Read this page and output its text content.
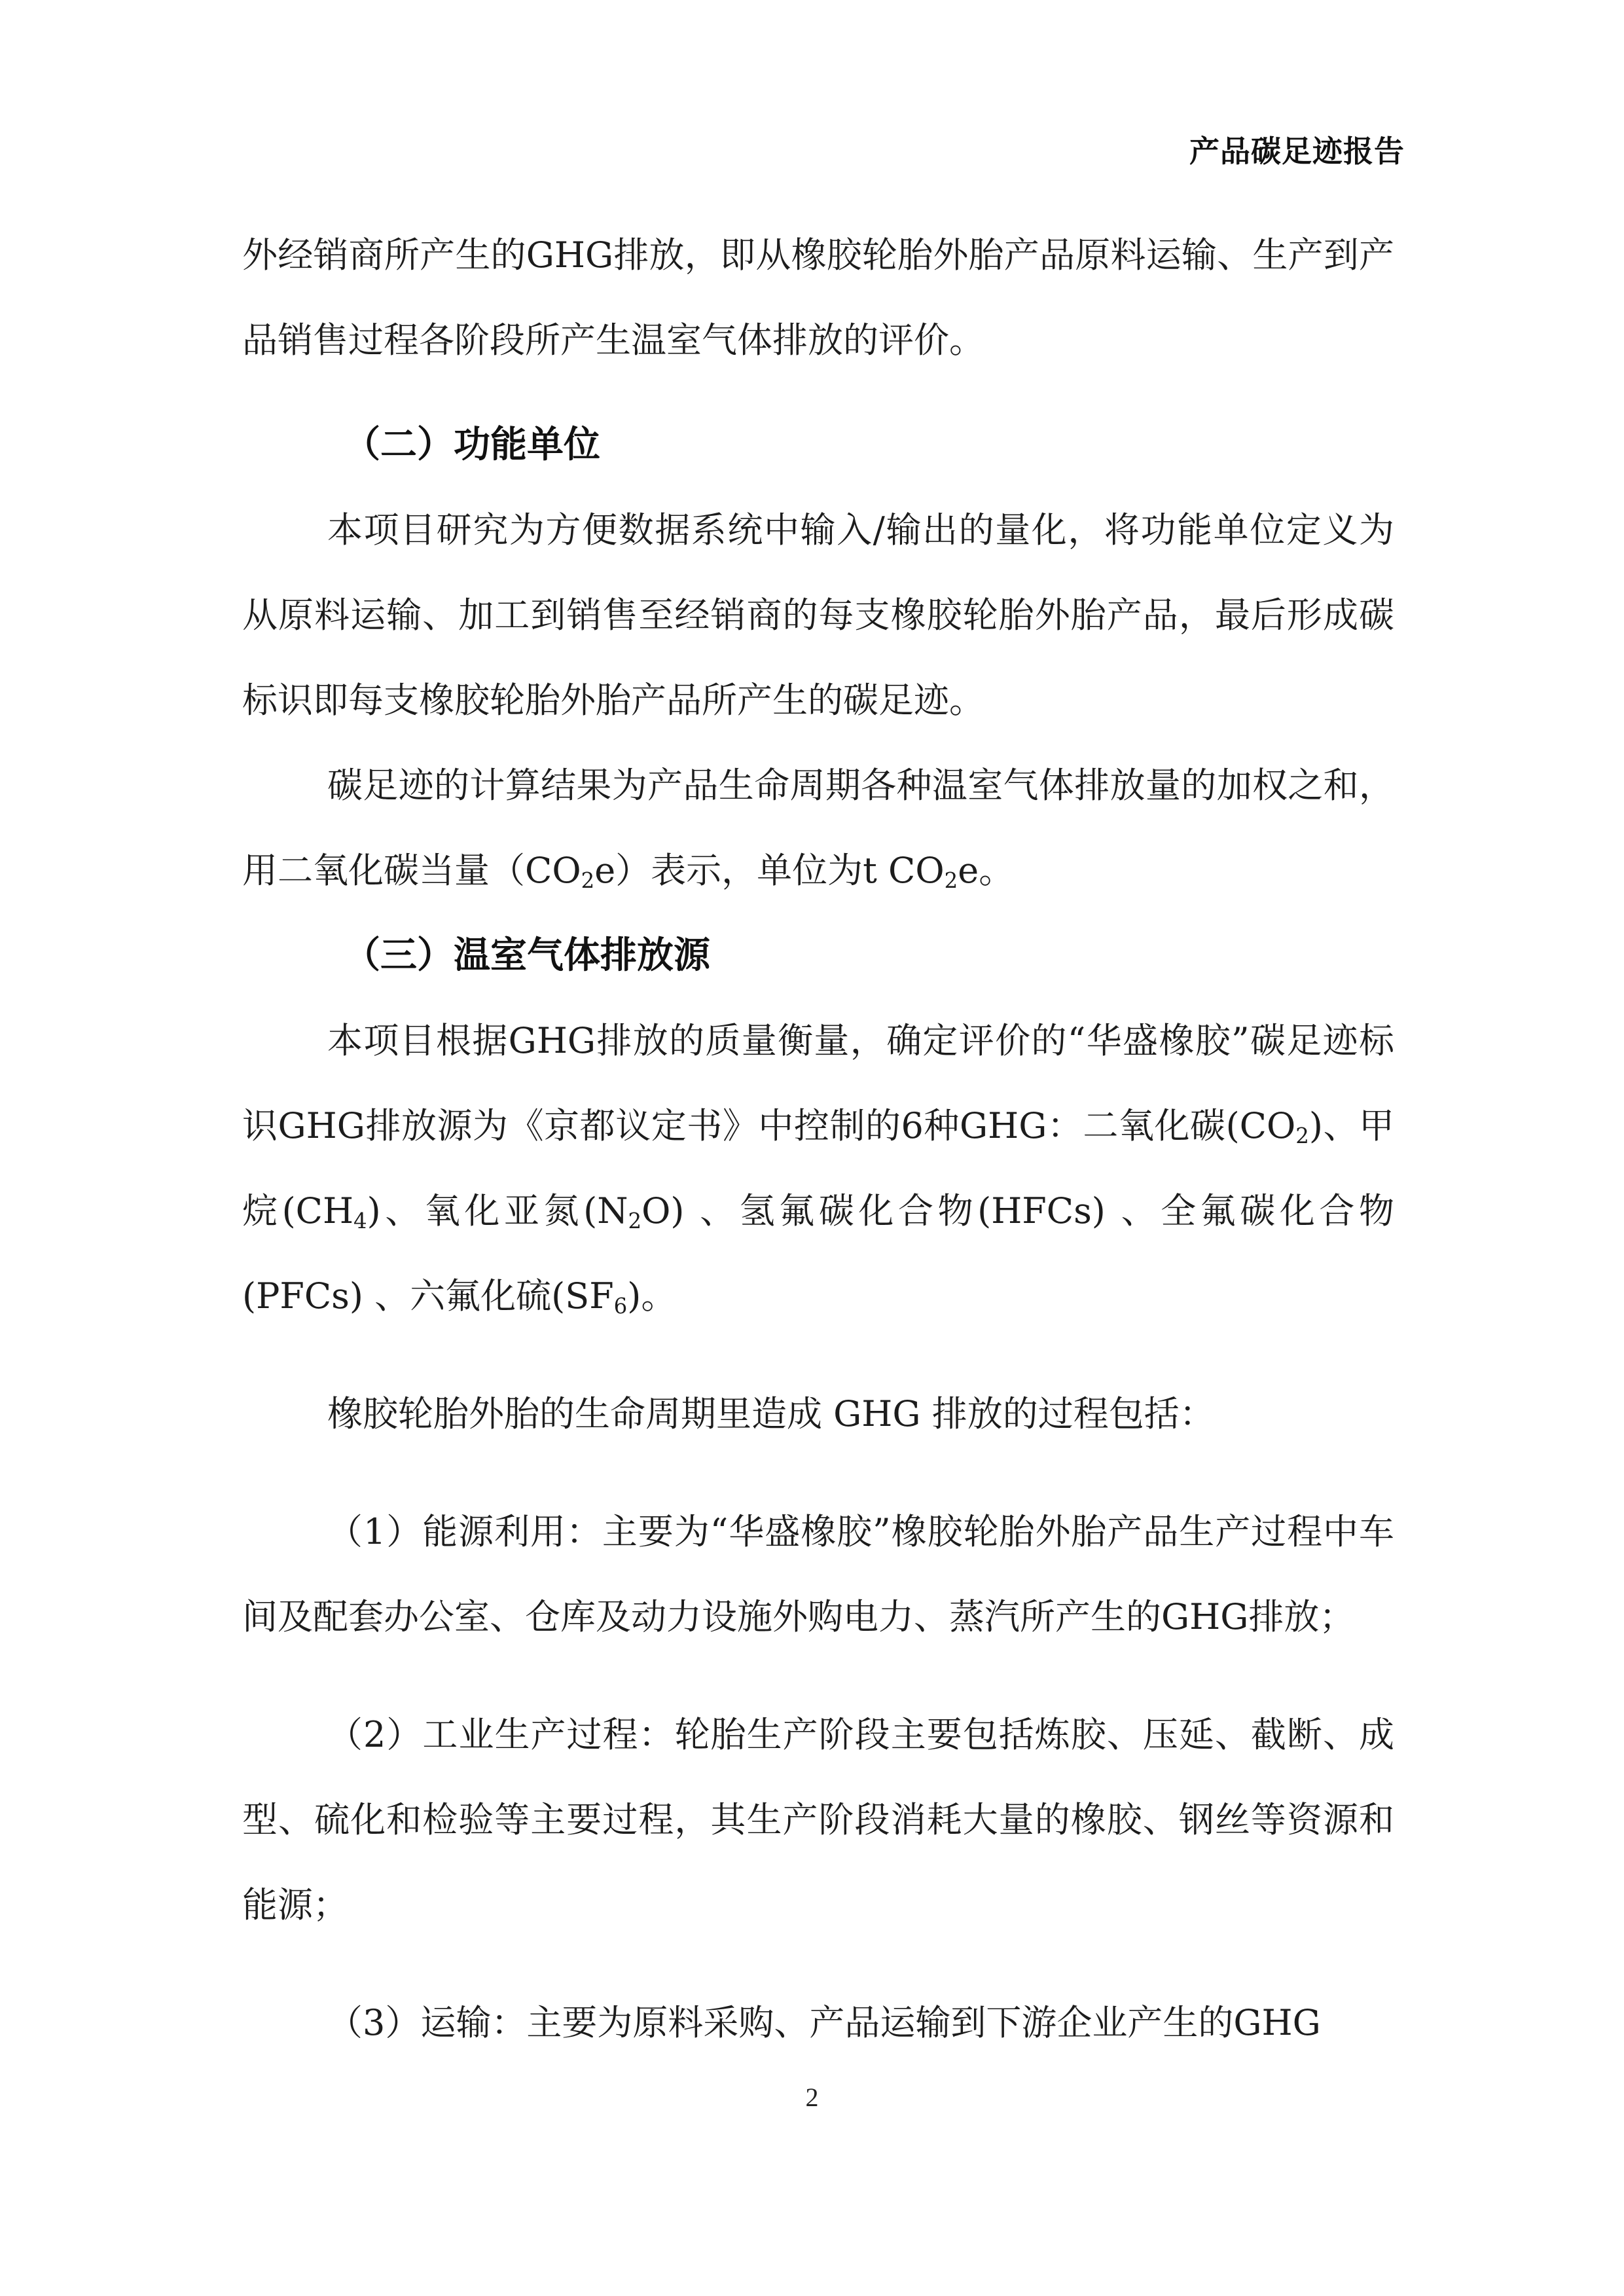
产品碳足迹报告

外经销商所产生的GHG排放，即从橡胶轮胎外胎产品原料运输、生产到产品销售过程各阶段所产生温室气体排放的评价。

（二）功能单位

本项目研究为方便数据系统中输入/输出的量化，将功能单位定义为从原料运输、加工到销售至经销商的每支橡胶轮胎外胎产品，最后形成碳标识即每支橡胶轮胎外胎产品所产生的碳足迹。

碳足迹的计算结果为产品生命周期各种温室气体排放量的加权之和，用二氧化碳当量$(CO_2e)$表示，单位为t $CO_2e$。

（三）温室气体排放源

本项目根据GHG排放的质量衡量，确定评价的“华盛橡胶”碳足迹标识GHG排放源为《京都议定书》中控制的6种GHG：二氧化碳$(CO_2)$、甲烷$(CH_4)$、氧化亚氮$(N_2O)$ 、氢氟碳化合物(HFCs) 、全氟碳化合物(PFCs) 、六氟化硫$(SF_6)$。

橡胶轮胎外胎的生命周期里造成 GHG 排放的过程包括：

（1）能源利用：主要为“华盛橡胶”橡胶轮胎外胎产品生产过程中车间及配套办公室、仓库及动力设施外购电力、蒸汽所产生的GHG排放；

（2）工业生产过程：轮胎生产阶段主要包括炼胶、压延、截断、成型、硫化和检验等主要过程，其生产阶段消耗大量的橡胶、钢丝等资源和能源；

（3）运输：主要为原料采购、产品运输到下游企业产生的GHG

2
